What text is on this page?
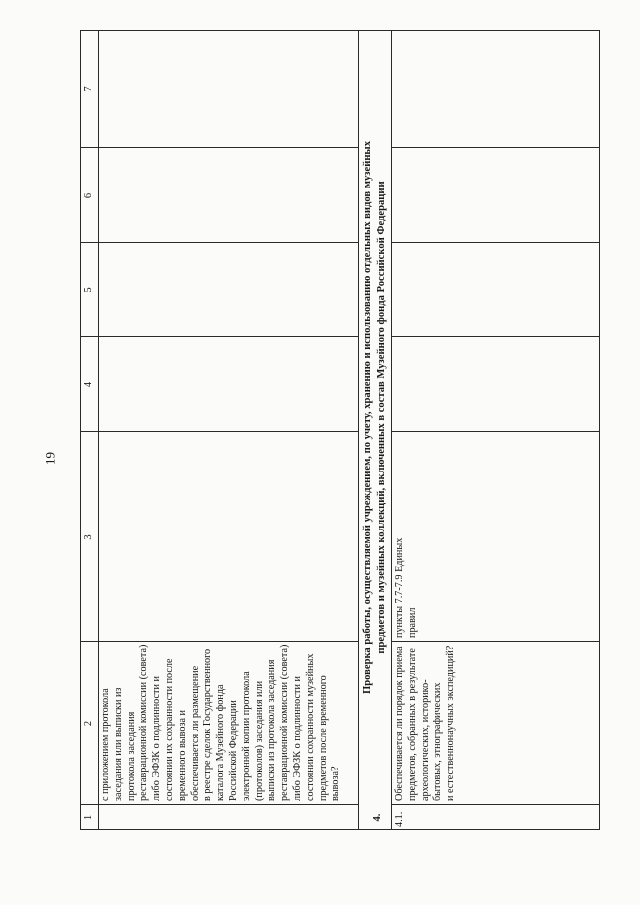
19
1
2
3
4
5
6
7
с приложением протокола
заседания или выписки из
протокола заседания
реставрационной комиссии (совета)
либо ЭФЗК о подлинности и
состоянии их сохранности после
временного вывоза и
обеспечивается ли размещение
в реестре сделок Государственного
каталога Музейного фонда
Российской Федерации
электронной копии протокола
(протоколов) заседания или
выписки из протокола заседания
реставрационной комиссии (совета)
либо ЭФЗК о подлинности и
состоянии сохранности музейных
предметов после временного
вывоза?
4.
Проверка работы, осуществляемой учреждением, по учету, хранению и использованию отдельных видов музейных предметов и музейных коллекций, включенных в состав Музейного фонда Российской Федерации
4.1.
Обеспечивается ли порядок приема
предметов, собранных в результате
археологических, историко-
бытовых, этнографических
и естественнонаучных экспедиций?
пункты 7.7-7.9 Единых
правил
